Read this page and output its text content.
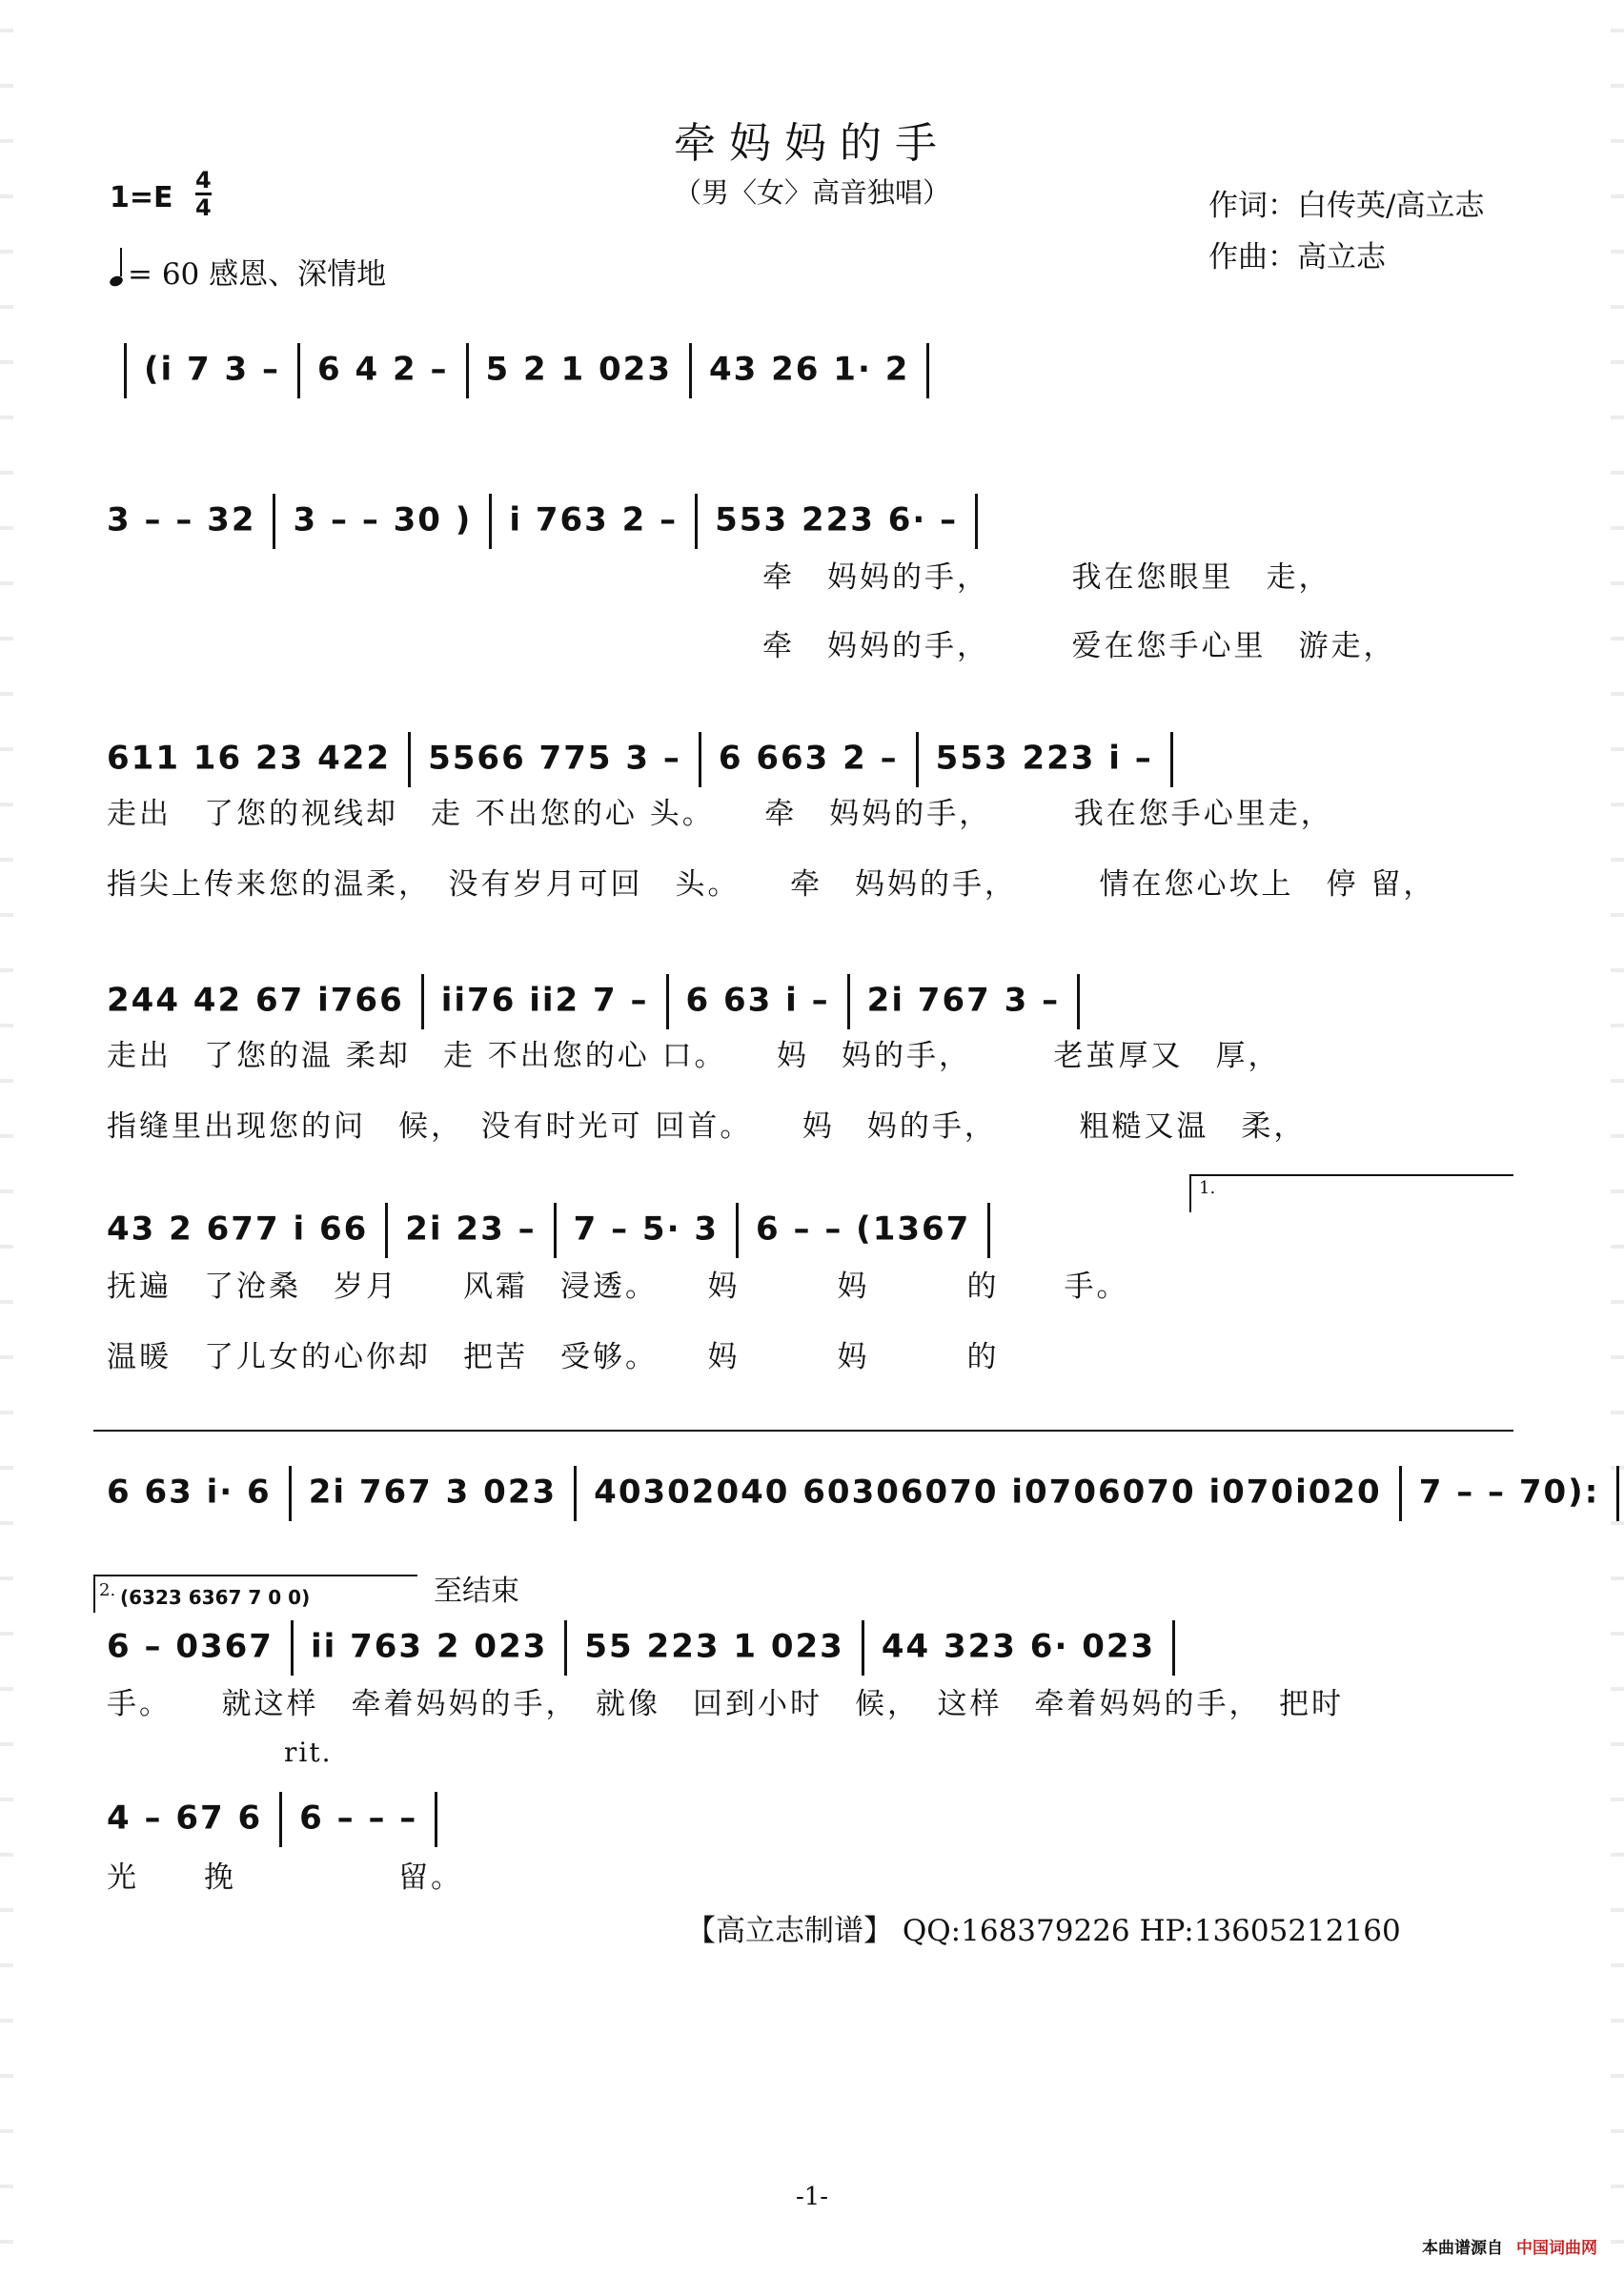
牵妈妈的手
（男〈女〉高音独唱）	作词：白传英/高立志
作曲：高立志
$1=E \frac{4}{4}$
= 60 感恩、深情地
(i 7 3 – 6 4 2 – 5 2 1 023 43 26 1· 2
3 – – 32 3 – – 30 ) i 763 2 – 553 223 6· –
牵　妈妈的手，　　　我在您眼里　走，
牵　妈妈的手，　　　爱在您手心里　游走，
611 16 23 422 5566 775 3 – 6 663 2 – 553 223 i –
走出　了您的视线却　走 不出您的心 头。　　牵　妈妈的手，　　　我在您手心里走，
指尖上传来您的温柔，　没有岁月可回　头。　　牵　妈妈的手，　　　情在您心坎上　停 留，
244 42 67 i766 ii76 ii2 7 – 6 63 i – 2i 767 3 –
走出　了您的温 柔却　走 不出您的心 口。　　妈　妈的手，　　　老茧厚又　厚，
指缝里出现您的问　候，　没有时光可 回首。　　妈　妈的手，　　　粗糙又温　柔，
43 2 677 i 66 2i 23 – 7 – 5· 3 6 – – (1367
抚遍　了沧桑　岁月　　风霜　浸透。　　妈　　　妈　　　的　　手。
温暖　了儿女的心你却　把苦　受够。　　妈　　　妈　　　的
6 63 i· 6 2i 767 3 023 40302040 60306070 i0706070 i070i020 7 – – 70):
6 – 0367 ii 763 2 023 55 223 1 023 44 323 6· 023
手。　　就这样　牵着妈妈的手，　就像　回到小时　候，　这样　牵着妈妈的手，　把时
4 – 67 6 6 – – –
光　　挽　　　　　留。
1.
2. (6323 6367 7 0 0)	至结束
rit.
【高立志制谱】 QQ:168379226 HP:13605212160
-1-
本曲谱源自 中国词曲网
